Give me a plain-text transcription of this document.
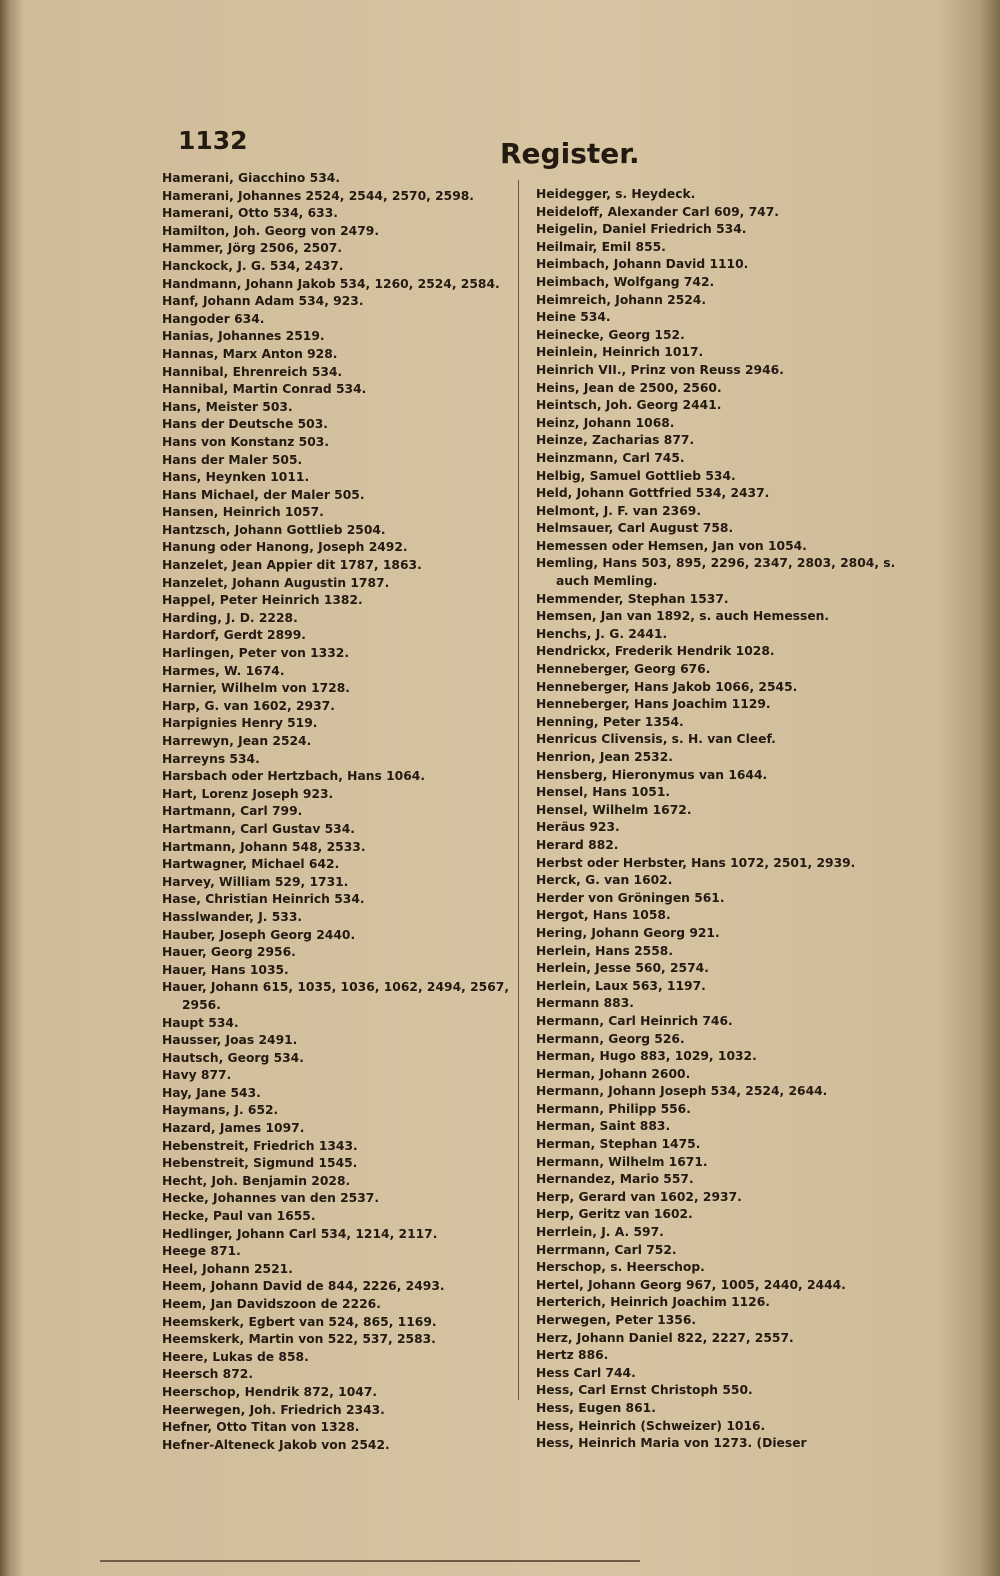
1132	Register.

Hamerani, Giacchino 534.

Hamerani, Johannes 2524, 2544, 2570, 2598.

Hamerani, Otto 534, 633.

Hamilton, Joh. Georg von 2479.

Hammer, Jörg 2506, 2507.

Hanckock, J. G. 534, 2437.

Handmann, Johann Jakob 534, 1260, 2524, 2584.

Hanf, Johann Adam 534, 923.

Hangoder 634.

Hanias, Johannes 2519.

Hannas, Marx Anton 928.

Hannibal, Ehrenreich 534.

Hannibal, Martin Conrad 534.

Hans, Meister 503.

Hans der Deutsche 503.

Hans von Konstanz 503.

Hans der Maler 505.

Hans, Heynken 1011.

Hans Michael, der Maler 505.

Hansen, Heinrich 1057.

Hantzsch, Johann Gottlieb 2504.

Hanung oder Hanong, Joseph 2492.

Hanzelet, Jean Appier dit 1787, 1863.

Hanzelet, Johann Augustin 1787.

Happel, Peter Heinrich 1382.

Harding, J. D. 2228.

Hardorf, Gerdt 2899.

Harlingen, Peter von 1332.

Harmes, W. 1674.

Harnier, Wilhelm von 1728.

Harp, G. van 1602, 2937.

Harpignies Henry 519.

Harrewyn, Jean 2524.

Harreyns 534.

Harsbach oder Hertzbach, Hans 1064.

Hart, Lorenz Joseph 923.

Hartmann, Carl 799.

Hartmann, Carl Gustav 534.

Hartmann, Johann 548, 2533.

Hartwagner, Michael 642.

Harvey, William 529, 1731.

Hase, Christian Heinrich 534.

Hasslwander, J. 533.

Hauber, Joseph Georg 2440.

Hauer, Georg 2956.

Hauer, Hans 1035.

Hauer, Johann 615, 1035, 1036, 1062, 2494, 2567, 2956.

Haupt 534.

Hausser, Joas 2491.

Hautsch, Georg 534.

Havy 877.

Hay, Jane 543.

Haymans, J. 652.

Hazard, James 1097.

Hebenstreit, Friedrich 1343.

Hebenstreit, Sigmund 1545.

Hecht, Joh. Benjamin 2028.

Hecke, Johannes van den 2537.

Hecke, Paul van 1655.

Hedlinger, Johann Carl 534, 1214, 2117.

Heege 871.

Heel, Johann 2521.

Heem, Johann David de 844, 2226, 2493.

Heem, Jan Davidszoon de 2226.

Heemskerk, Egbert van 524, 865, 1169.

Heemskerk, Martin von 522, 537, 2583.

Heere, Lukas de 858.

Heersch 872.

Heerschop, Hendrik 872, 1047.

Heerwegen, Joh. Friedrich 2343.

Hefner, Otto Titan von 1328.

Hefner-Alteneck Jakob von 2542.

Heidegger, s. Heydeck.

Heideloff, Alexander Carl 609, 747.

Heigelin, Daniel Friedrich 534.

Heilmair, Emil 855.

Heimbach, Johann David 1110.

Heimbach, Wolfgang 742.

Heimreich, Johann 2524.

Heine 534.

Heinecke, Georg 152.

Heinlein, Heinrich 1017.

Heinrich VII., Prinz von Reuss 2946.

Heins, Jean de 2500, 2560.

Heintsch, Joh. Georg 2441.

Heinz, Johann 1068.

Heinze, Zacharias 877.

Heinzmann, Carl 745.

Helbig, Samuel Gottlieb 534.

Held, Johann Gottfried 534, 2437.

Helmont, J. F. van 2369.

Helmsauer, Carl August 758.

Hemessen oder Hemsen, Jan von 1054.

Hemling, Hans 503, 895, 2296, 2347, 2803, 2804, s. auch Memling.

Hemmender, Stephan 1537.

Hemsen, Jan van 1892, s. auch Hemessen.

Henchs, J. G. 2441.

Hendrickx, Frederik Hendrik 1028.

Henneberger, Georg 676.

Henneberger, Hans Jakob 1066, 2545.

Henneberger, Hans Joachim 1129.

Henning, Peter 1354.

Henricus Clivensis, s. H. van Cleef.

Henrion, Jean 2532.

Hensberg, Hieronymus van 1644.

Hensel, Hans 1051.

Hensel, Wilhelm 1672.

Heräus 923.

Herard 882.

Herbst oder Herbster, Hans 1072, 2501, 2939.

Herck, G. van 1602.

Herder von Gröningen 561.

Hergot, Hans 1058.

Hering, Johann Georg 921.

Herlein, Hans 2558.

Herlein, Jesse 560, 2574.

Herlein, Laux 563, 1197.

Hermann 883.

Hermann, Carl Heinrich 746.

Hermann, Georg 526.

Herman, Hugo 883, 1029, 1032.

Herman, Johann 2600.

Hermann, Johann Joseph 534, 2524, 2644.

Hermann, Philipp 556.

Herman, Saint 883.

Herman, Stephan 1475.

Hermann, Wilhelm 1671.

Hernandez, Mario 557.

Herp, Gerard van 1602, 2937.

Herp, Geritz van 1602.

Herrlein, J. A. 597.

Herrmann, Carl 752.

Herschop, s. Heerschop.

Hertel, Johann Georg 967, 1005, 2440, 2444.

Herterich, Heinrich Joachim 1126.

Herwegen, Peter 1356.

Herz, Johann Daniel 822, 2227, 2557.

Hertz 886.

Hess Carl 744.

Hess, Carl Ernst Christoph 550.

Hess, Eugen 861.

Hess, Heinrich (Schweizer) 1016.

Hess, Heinrich Maria von 1273. (Dieser
